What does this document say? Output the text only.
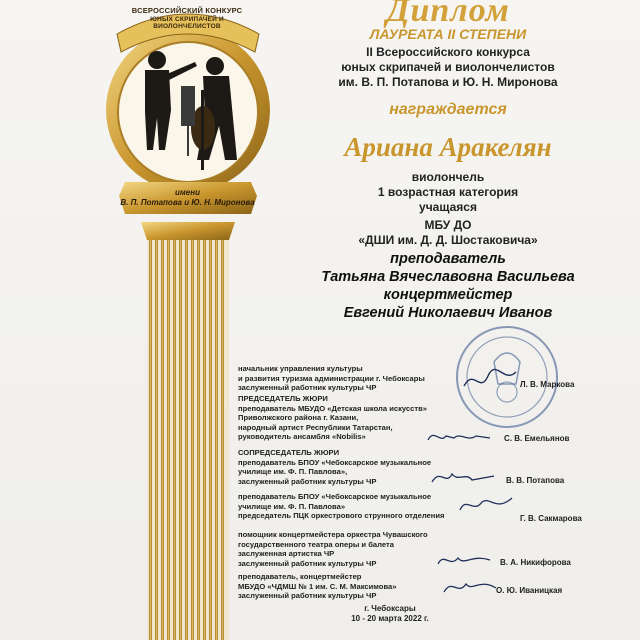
ВСЕРОССИЙСКИЙ КОНКУРС
ЮНЫХ СКРИПАЧЕЙ И ВИОЛОНЧЕЛИСТОВ
имени
В. П. Потапова и Ю. Н. Миронова
Диплом
ЛАУРЕАТА II СТЕПЕНИ
II Всероссийского конкурса
юных скрипачей и виолончелистов
им. В. П. Потапова и Ю. Н. Миронова
награждается
Ариана Аракелян
виолончель
1 возрастная категория
учащаяся
МБУ ДО
«ДШИ им. Д. Д. Шостаковича»
преподаватель
Татьяна Вячеславовна Васильева
концертмейстер
Евгений Николаевич Иванов
начальник управления культуры
и развития туризма администрации г. Чебоксары
заслуженный работник культуры ЧР	Л. В. Маркова
ПРЕДСЕДАТЕЛЬ ЖЮРИ
преподаватель МБУДО «Детская школа искусств»
Приволжского района г. Казани,
народный артист Республики Татарстан,
руководитель ансамбля «Nobilis»	С. В. Емельянов
СОПРЕДСЕДАТЕЛЬ ЖЮРИ
преподаватель БПОУ «Чебоксарское музыкальное
училище им. Ф. П. Павлова»,
заслуженный работник культуры ЧР	В. В. Потапова
преподаватель БПОУ «Чебоксарское музыкальное
училище им. Ф. П. Павлова»
председатель ПЦК оркестрового струнного отделения	Г. В. Сакмарова
помощник концертмейстера оркестра Чувашского
государственного театра оперы и балета
заслуженная артистка ЧР
заслуженный работник культуры ЧР	В. А. Никифорова
преподаватель, концертмейстер
МБУДО «ЧДМШ № 1 им. С. М. Максимова»
заслуженный работник культуры ЧР
О. Ю. Иваницкая
г. Чебоксары
10 - 20 марта 2022 г.
